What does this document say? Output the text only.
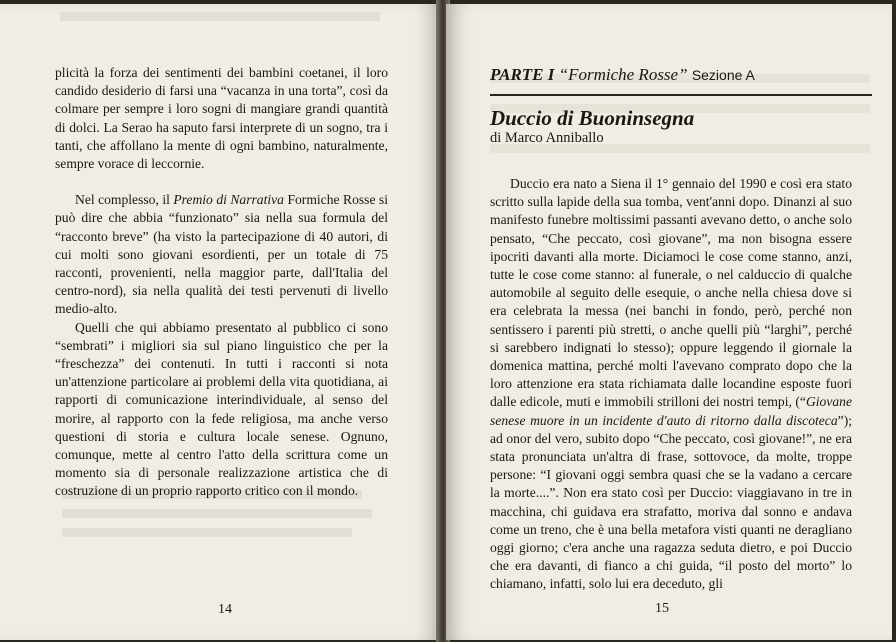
plicità la forza dei sentimenti dei bambini coetanei, il loro candido desiderio di farsi una “vacanza in una torta”, così da colmare per sempre i loro sogni di mangiare grandi quantità di dolci. La Serao ha saputo farsi interprete di un sogno, tra i tanti, che affollano la mente di ogni bambino, naturalmente, sempre vorace di leccornie.

Nel complesso, il Premio di Narrativa Formiche Rosse si può dire che abbia “funzionato” sia nella sua formula del “racconto breve” (ha visto la partecipazione di 40 autori, di cui molti sono giovani esordienti, per un totale di 75 racconti, provenienti, nella maggior parte, dall'Italia del centro-nord), sia nella qualità dei testi pervenuti di livello medio-alto.

Quelli che qui abbiamo presentato al pubblico ci sono “sembrati” i migliori sia sul piano linguistico che per la “freschezza” dei contenuti. In tutti i racconti si nota un'attenzione particolare ai problemi della vita quotidiana, ai rapporti di comunicazione interindividuale, al senso del morire, al rapporto con la fede religiosa, ma anche verso questioni di storia e cultura locale senese. Ognuno, comunque, mette al centro l'atto della scrittura come un momento sia di personale realizzazione artistica che di costruzione di un proprio rapporto critico con il mondo.

14
PARTE I “Formiche Rosse” Sezione A
Duccio di Buoninsegna
di Marco Anniballo

Duccio era nato a Siena il 1° gennaio del 1990 e così era stato scritto sulla lapide della sua tomba, vent'anni dopo. Dinanzi al suo manifesto funebre moltissimi passanti avevano detto, o anche solo pensato, “Che peccato, così giovane”, ma non bisogna essere ipocriti davanti alla morte. Diciamoci le cose come stanno, anzi, tutte le cose come stanno: al funerale, o nel calduccio di qualche automobile al seguito delle esequie, o anche nella chiesa dove si era celebrata la messa (nei banchi in fondo, però, perché non sentissero i parenti più stretti, o anche quelli più “larghi”, perché si sarebbero indignati lo stesso); oppure leggendo il giornale la domenica mattina, perché molti l'avevano comprato dopo che la loro attenzione era stata richiamata dalle locandine esposte fuori dalle edicole, muti e immobili strilloni dei nostri tempi, (“Giovane senese muore in un incidente d'auto di ritorno dalla discoteca”); ad onor del vero, subito dopo “Che peccato, così giovane!”, ne era stata pronunciata un'altra di frase, sottovoce, da molte, troppe persone: “I giovani oggi sembra quasi che se la vadano a cercare la morte....”. Non era stato così per Duccio: viaggiavano in tre in macchina, chi guidava era strafatto, moriva dal sonno e andava come un treno, che è una bella metafora visti quanti ne deragliano oggi giorno; c'era anche una ragazza seduta dietro, e poi Duccio che era davanti, di fianco a chi guida, “il posto del morto” lo chiamano, infatti, solo lui era deceduto, gli

15
